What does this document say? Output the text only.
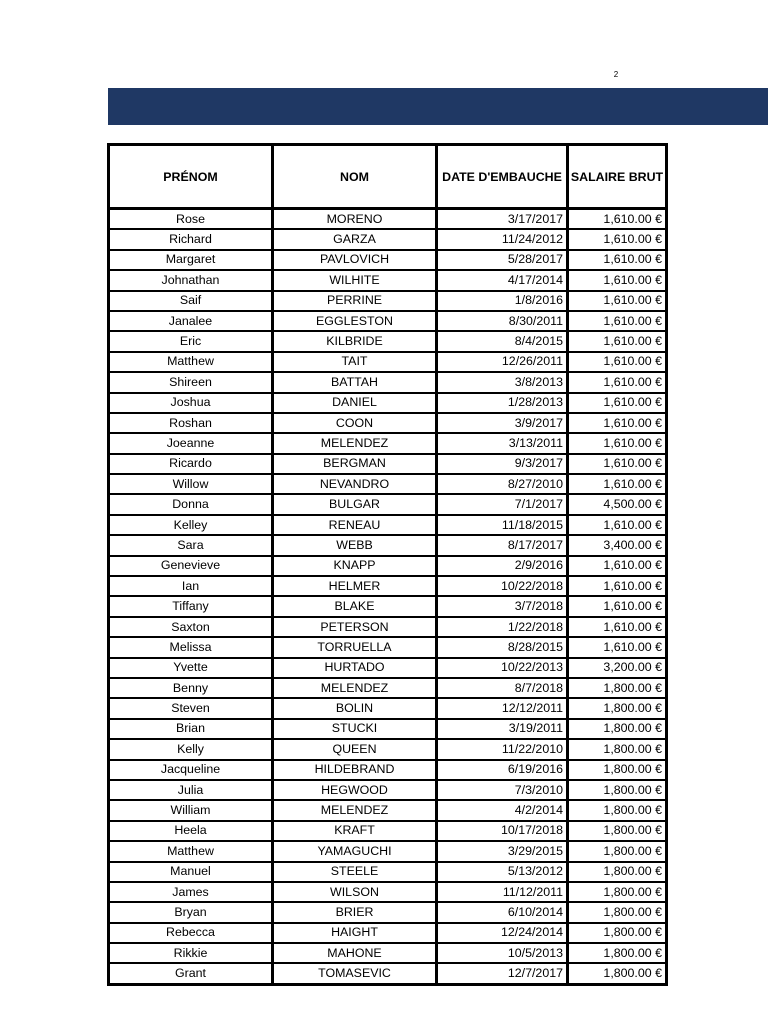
2
PRÉNOM	NOM	DATE D'EMBAUCHE	SALAIRE BRUT
Rose	MORENO	3/17/2017	1,610.00 €
Richard	GARZA	11/24/2012	1,610.00 €
Margaret	PAVLOVICH	5/28/2017	1,610.00 €
Johnathan	WILHITE	4/17/2014	1,610.00 €
Saif	PERRINE	1/8/2016	1,610.00 €
Janalee	EGGLESTON	8/30/2011	1,610.00 €
Eric	KILBRIDE	8/4/2015	1,610.00 €
Matthew	TAIT	12/26/2011	1,610.00 €
Shireen	BATTAH	3/8/2013	1,610.00 €
Joshua	DANIEL	1/28/2013	1,610.00 €
Roshan	COON	3/9/2017	1,610.00 €
Joeanne	MELENDEZ	3/13/2011	1,610.00 €
Ricardo	BERGMAN	9/3/2017	1,610.00 €
Willow	NEVANDRO	8/27/2010	1,610.00 €
Donna	BULGAR	7/1/2017	4,500.00 €
Kelley	RENEAU	11/18/2015	1,610.00 €
Sara	WEBB	8/17/2017	3,400.00 €
Genevieve	KNAPP	2/9/2016	1,610.00 €
Ian	HELMER	10/22/2018	1,610.00 €
Tiffany	BLAKE	3/7/2018	1,610.00 €
Saxton	PETERSON	1/22/2018	1,610.00 €
Melissa	TORRUELLA	8/28/2015	1,610.00 €
Yvette	HURTADO	10/22/2013	3,200.00 €
Benny	MELENDEZ	8/7/2018	1,800.00 €
Steven	BOLIN	12/12/2011	1,800.00 €
Brian	STUCKI	3/19/2011	1,800.00 €
Kelly	QUEEN	11/22/2010	1,800.00 €
Jacqueline	HILDEBRAND	6/19/2016	1,800.00 €
Julia	HEGWOOD	7/3/2010	1,800.00 €
William	MELENDEZ	4/2/2014	1,800.00 €
Heela	KRAFT	10/17/2018	1,800.00 €
Matthew	YAMAGUCHI	3/29/2015	1,800.00 €
Manuel	STEELE	5/13/2012	1,800.00 €
James	WILSON	11/12/2011	1,800.00 €
Bryan	BRIER	6/10/2014	1,800.00 €
Rebecca	HAIGHT	12/24/2014	1,800.00 €
Rikkie	MAHONE	10/5/2013	1,800.00 €
Grant	TOMASEVIC	12/7/2017	1,800.00 €
